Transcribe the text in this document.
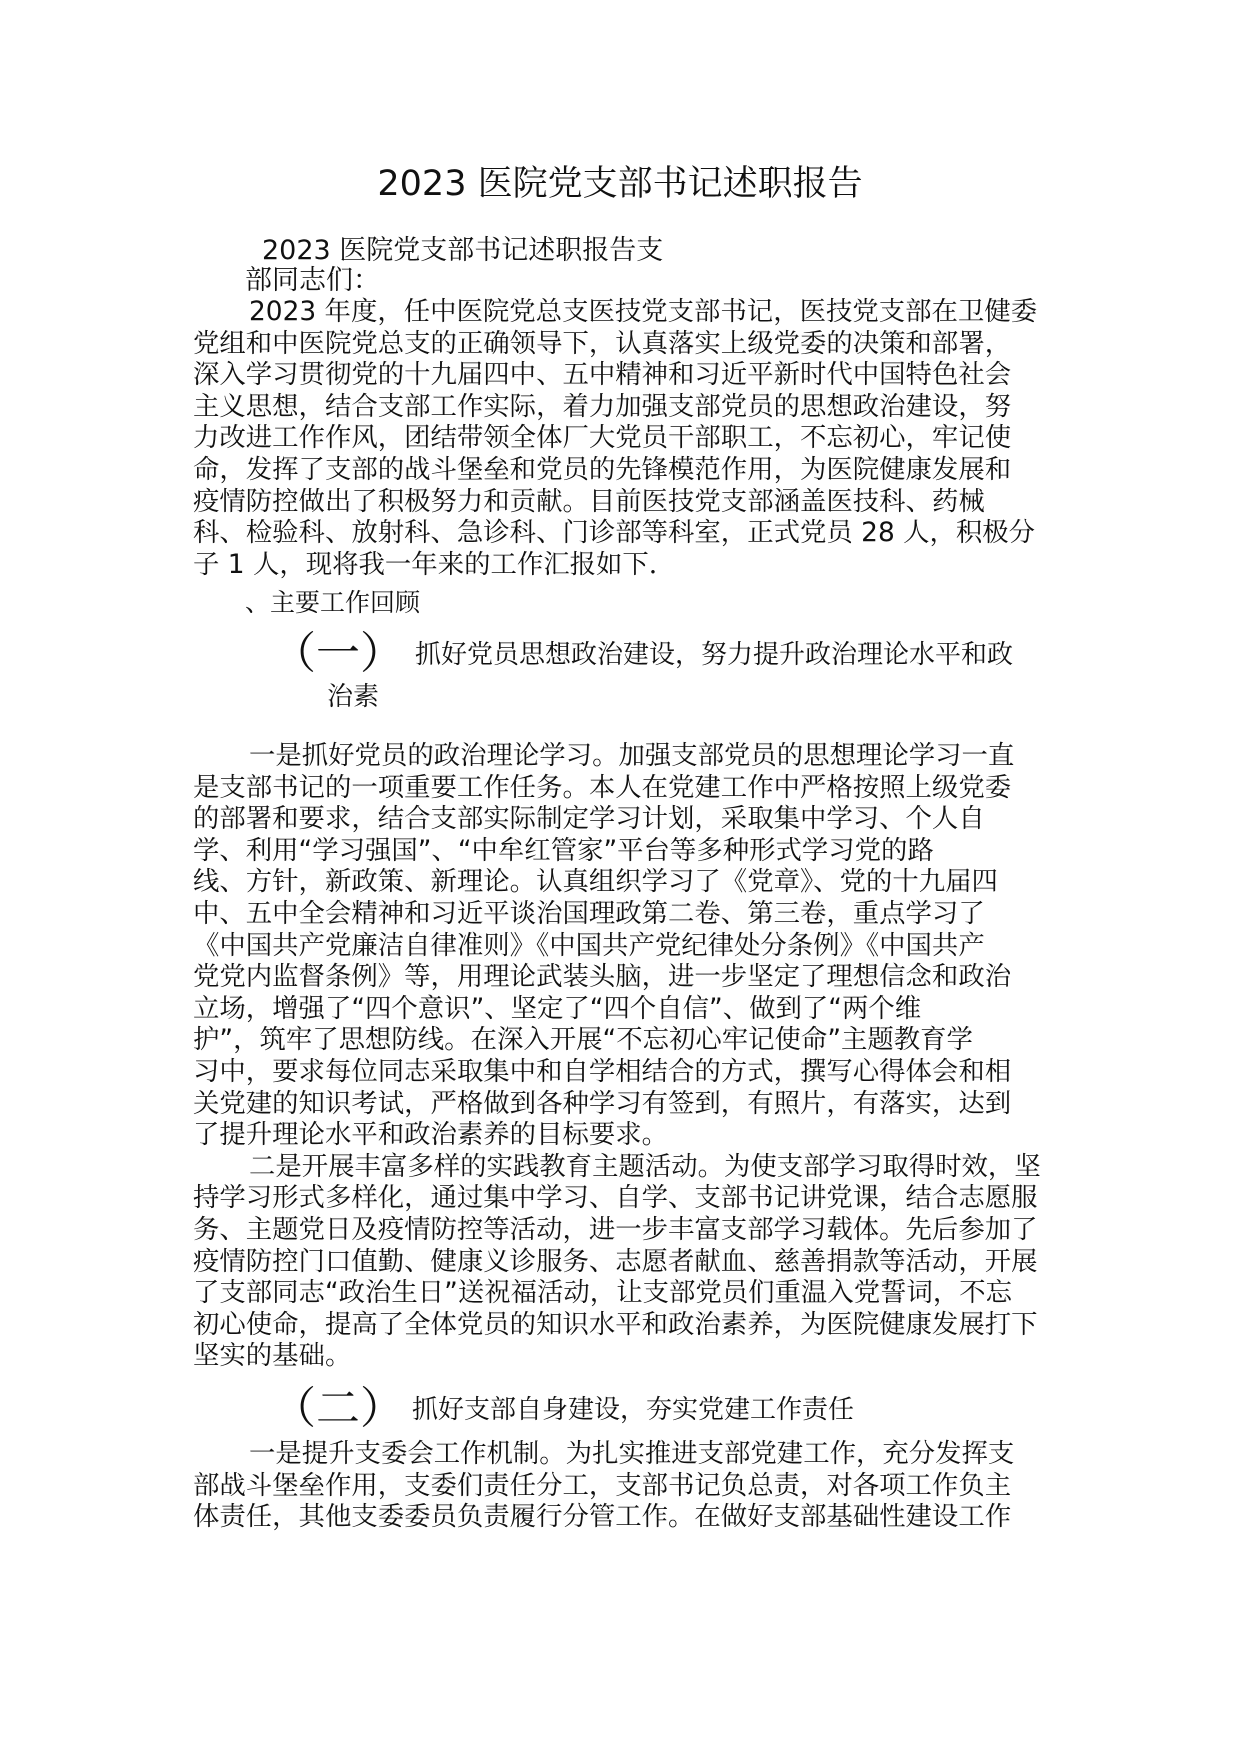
2023 医院党支部书记述职报告
2023 医院党支部书记述职报告支
部同志们：
2023 年度，任中医院党总支医技党支部书记，医技党支部在卫健委
党组和中医院党总支的正确领导下，认真落实上级党委的决策和部署，
深入学习贯彻党的十九届四中、五中精神和习近平新时代中国特色社会
主义思想，结合支部工作实际，着力加强支部党员的思想政治建设，努
力改进工作作风，团结带领全体厂大党员干部职工，不忘初心，牢记使
命，发挥了支部的战斗堡垒和党员的先锋模范作用，为医院健康发展和
疫情防控做出了积极努力和贡献。目前医技党支部涵盖医技科、药械
科、检验科、放射科、急诊科、门诊部等科室，正式党员 28 人，积极分
子 1 人，现将我一年来的工作汇报如下．
、主要工作回顾
（一） 抓好党员思想政治建设，努力提升政治理论水平和政
治素
一是抓好党员的政治理论学习。加强支部党员的思想理论学习一直
是支部书记的一项重要工作任务。本人在党建工作中严格按照上级党委
的部署和要求，结合支部实际制定学习计划，采取集中学习、个人自
学、利用“学习强国”、“中牟红管家”平台等多种形式学习党的路
线、方针，新政策、新理论。认真组织学习了《党章》、党的十九届四
中、五中全会精神和习近平谈治国理政第二卷、第三卷，重点学习了
《中国共产党廉洁自律准则》《中国共产党纪律处分条例》《中国共产
党党内监督条例》等，用理论武装头脑，进一步坚定了理想信念和政治
立场，增强了“四个意识”、坚定了“四个自信”、做到了“两个维
护”，筑牢了思想防线。在深入开展“不忘初心牢记使命”主题教育学
习中，要求每位同志采取集中和自学相结合的方式，撰写心得体会和相
关党建的知识考试，严格做到各种学习有签到，有照片，有落实，达到
了提升理论水平和政治素养的目标要求。
二是开展丰富多样的实践教育主题活动。为使支部学习取得时效，坚
持学习形式多样化，通过集中学习、自学、支部书记讲党课，结合志愿服
务、主题党日及疫情防控等活动，进一步丰富支部学习载体。先后参加了
疫情防控门口值勤、健康义诊服务、志愿者献血、慈善捐款等活动，开展
了支部同志“政治生日”送祝福活动，让支部党员们重温入党誓词，不忘
初心使命，提高了全体党员的知识水平和政治素养，为医院健康发展打下
坚实的基础。
（二） 抓好支部自身建设，夯实党建工作责任
一是提升支委会工作机制。为扎实推进支部党建工作，充分发挥支
部战斗堡垒作用，支委们责任分工，支部书记负总责，对各项工作负主
体责任，其他支委委员负责履行分管工作。在做好支部基础性建设工作
